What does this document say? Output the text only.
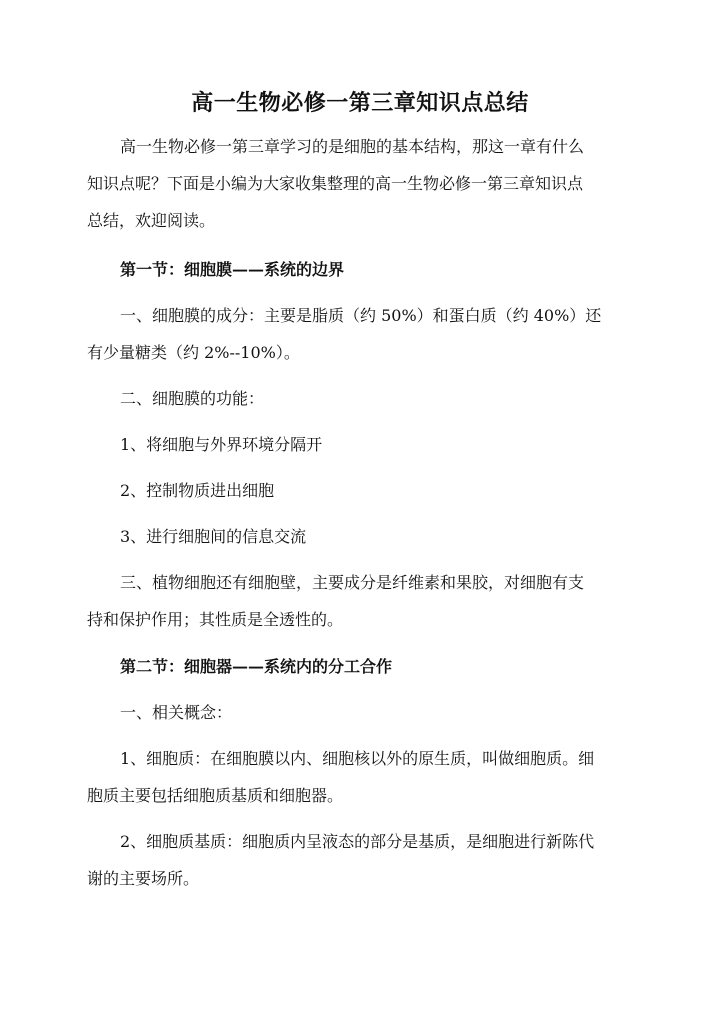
高一生物必修一第三章知识点总结
高一生物必修一第三章学习的是细胞的基本结构，那这一章有什么
知识点呢？下面是小编为大家收集整理的高一生物必修一第三章知识点
总结，欢迎阅读。
第一节：细胞膜——系统的边界
一、细胞膜的成分：主要是脂质（约 50%）和蛋白质（约 40%）还
有少量糖类（约 2%--10%）。
二、细胞膜的功能：
1、将细胞与外界环境分隔开
2、控制物质进出细胞
3、进行细胞间的信息交流
三、植物细胞还有细胞壁，主要成分是纤维素和果胶，对细胞有支
持和保护作用；其性质是全透性的。
第二节：细胞器——系统内的分工合作
一、相关概念：
1、细胞质：在细胞膜以内、细胞核以外的原生质，叫做细胞质。细
胞质主要包括细胞质基质和细胞器。
2、细胞质基质：细胞质内呈液态的部分是基质，是细胞进行新陈代
谢的主要场所。
